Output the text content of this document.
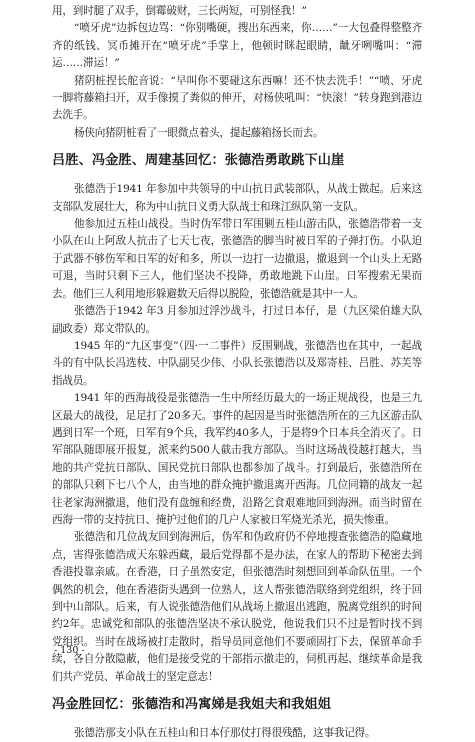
用，到时腿了双手，倒霉破财，三长两短，可别怪我！”

“喷牙虎”边拆包边骂：“你别嘴硬，搜出东西来，你……”一大包叠得整整齐齐的纸钱、冥币摊开在“喷牙虎”手掌上，他顿时眯起眼睛，龇牙咧嘴叫：“滞运……滞运！”

猪阴桩捏长舵音说：“早叫你不要碰这东西嘛！还不快去洗手！”“喷、牙虎一脚将藤箱扫开，双手像摸了粪似的伸开，对杨侠吼叫：“快滚！”转身跑到港边去洗手。

杨侠向猪阴桩看了一眼微点着头，提起藤箱扬长而去。

吕胜、冯金胜、周建基回忆：张德浩勇敢跳下山崖

张德浩于1941 年参加中共领导的中山抗日武装部队，从战士做起。后来这支部队发展壮大，称为中山抗日义勇大队战士和珠江纵队第一支队。

他参加过五桂山战役。当时伪军带日军围剿五桂山游击队，张德浩带着一支小队在山上阿敌人抗击了七天七夜，张德浩的脚当时被日军的子弹打伤。小队迫于武器不够伤军和日军的好和多，所以一边打一边撤退，撤退到一个山头上无路可退，当时只剩下三人，他们坚决不投降，勇敢地跳下山崖。日军搜索无果而去。他们三人利用地形躲避数天后得以脱险，张德浩就是其中一人。

张德浩于1942 年3 月参加过浮沙战斗，打过日本仔，是（九区梁伯雄大队副政委）郑文带队的。

1945 年的“九区事变”（四·一二事件）反围剿战，张德浩也在其中，一起战斗的有中队长冯选枝、中队副吴少伟、小队长张德浩以及郑寄桂、吕胜、苏芙等指战员。

1941 年的西海战役是张德浩一生中所经历最大的一场正规战役，也是三九区最大的战役，足足打了20多天。事件的起因是当时张德浩所在的三九区游击队遇到日军一个班，日军有9个兵，我军约40多人，于是将9个日本兵全消灭了。日军部队随即展开报复，派来约500人截击我方部队。当时这场战役越打越大，当地的共产党抗日部队、国民党抗日部队也都参加了战斗。打到最后，张德浩所在的部队只剩下七八个人，由当地的群众掩护撤退离开西海。几位同籍的战友一起往老家海洲撤退，他们没有盘缠和经费，沿路乞食艰难地回到海洲。而当时留在西海一带的支持抗日、掩护过他们的几户人家被日军烧光杀光，损失惨重。

张德浩和几位战友回到海洲后，伪军和伪政府仍不停地搜查张德浩的隐藏地点，害得张德浩成天东躲西藏，最后党得都不是办法，在家人的帮助下秘密去到香港投靠亲戚。在香港，日子虽然安定，但张德浩时刻想回到革命队伍里。一个偶然的机会，他在香港街头遇到一位熟人，这人帮张德浩联络到党组织，终于回到中山部队。后来，有人说张德浩他们从战场上撤退出逃跑，脱离党组织的时间约2年。忠诚党和部队的张德浩坚决不承认脱党，他说我们只不过是暂时找不到党组织。当时在战场被打走散时，指导员同意他们不要顽固打下去，保留革命手续，各自分散隐蔽，他们是接受党的干部指示撤走的，伺机再起、继续革命是我们共产党员、革命战士的坚定意志！

冯金胜回忆：张德浩和冯寓娣是我姐夫和我姐姐

张德浩那支小队在五桂山和日本仔那仗打得很残酷，这事我记得。

- 130 -
